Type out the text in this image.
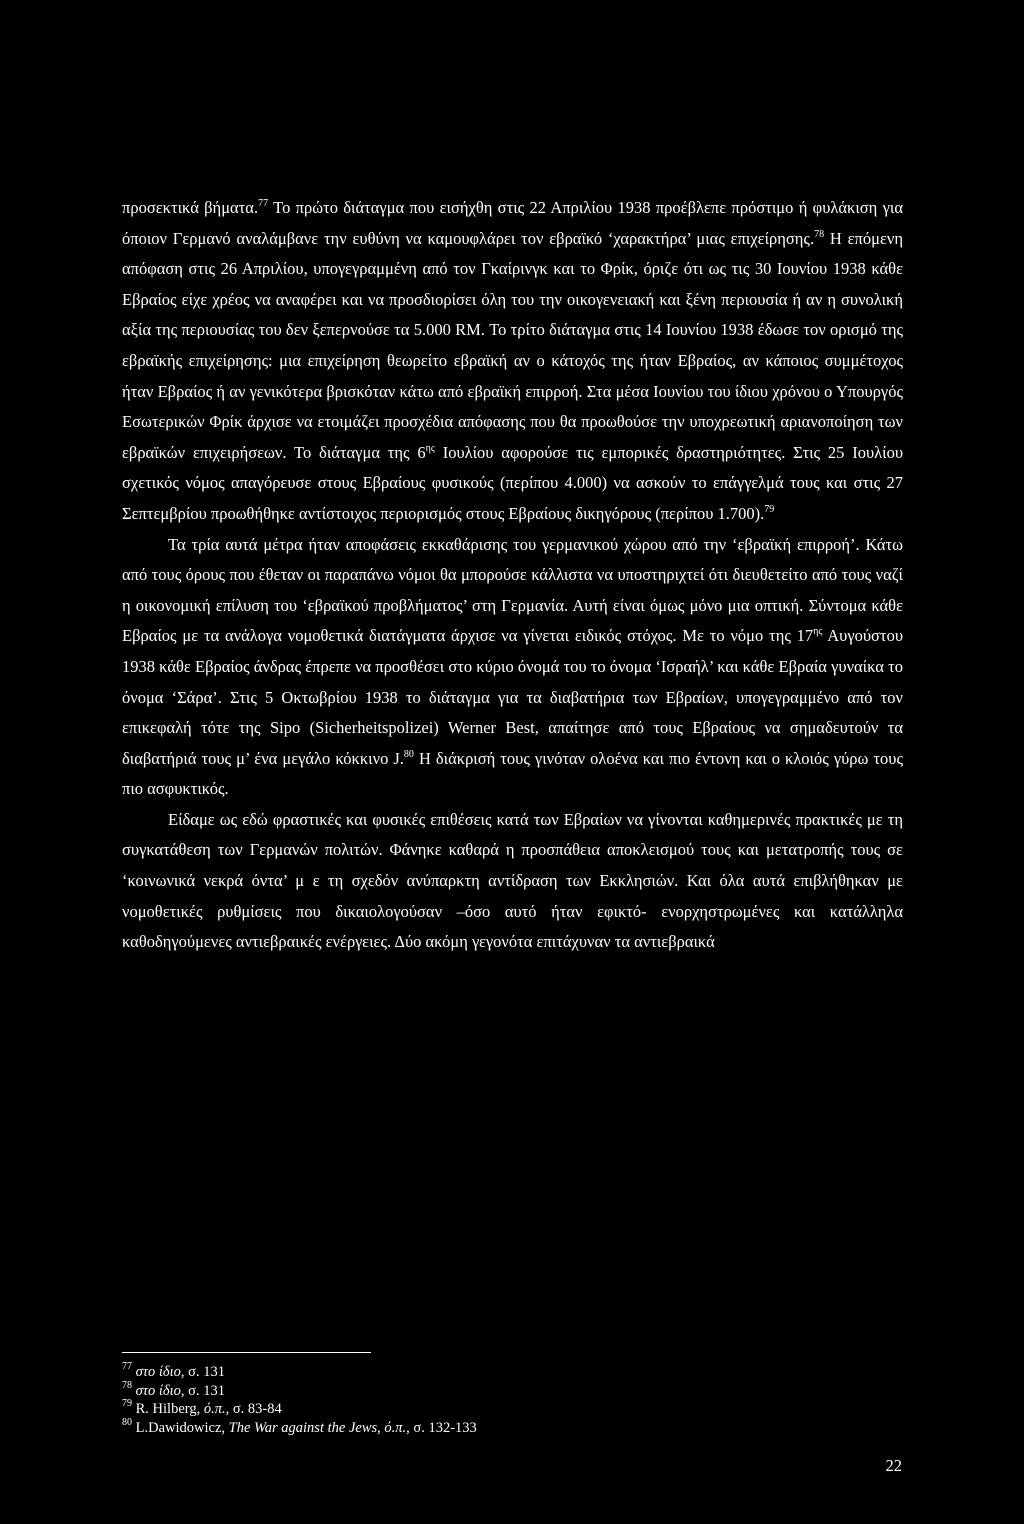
προσεκτικά βήματα.$^{77}$ Το πρώτο διάταγμα που εισήχθη στις 22 Απριλίου 1938 προέβλεπε πρόστιμο ή φυλάκιση για όποιον Γερμανό αναλάμβανε την ευθύνη να καμουφλάρει τον εβραϊκό ‘χαρακτήρα’ μιας επιχείρησης.$^{78}$ Η επόμενη απόφαση στις 26 Απριλίου, υπογεγραμμένη από τον Γκαίρινγκ και το Φρίκ, όριζε ότι ως τις 30 Ιουνίου 1938 κάθε Εβραίος είχε χρέος να αναφέρει και να προσδιορίσει όλη του την οικογενειακή και ξένη περιουσία ή αν η συνολική αξία της περιουσίας του δεν ξεπερνούσε τα 5.000 RM. Το τρίτο διάταγμα στις 14 Ιουνίου 1938 έδωσε τον ορισμό της εβραϊκής επιχείρησης: μια επιχείρηση θεωρείτο εβραϊκή αν ο κάτοχός της ήταν Εβραίος, αν κάποιος συμμέτοχος ήταν Εβραίος ή αν γενικότερα βρισκόταν κάτω από εβραϊκή επιρροή. Στα μέσα Ιουνίου του ίδιου χρόνου ο Υπουργός Εσωτερικών Φρίκ άρχισε να ετοιμάζει προσχέδια απόφασης που θα προωθούσε την υποχρεωτική αριανοποίηση των εβραϊκών επιχειρήσεων. Το διάταγμα της $6^{\eta\varsigma}$ Ιουλίου αφορούσε τις εμπορικές δραστηριότητες. Στις 25 Ιουλίου σχετικός νόμος απαγόρευσε στους Εβραίους φυσικούς (περίπου 4.000) να ασκούν το επάγγελμά τους και στις 27 Σεπτεμβρίου προωθήθηκε αντίστοιχος περιορισμός στους Εβραίους δικηγόρους (περίπου 1.700).$^{79}$

Τα τρία αυτά μέτρα ήταν αποφάσεις εκκαθάρισης του γερμανικού χώρου από την ‘εβραϊκή επιρροή’. Κάτω από τους όρους που έθεταν οι παραπάνω νόμοι θα μπορούσε κάλλιστα να υποστηριχτεί ότι διευθετείτο από τους ναζί η οικονομική επίλυση του ‘εβραϊκού προβλήματος’ στη Γερμανία. Αυτή είναι όμως μόνο μια οπτική. Σύντομα κάθε Εβραίος με τα ανάλογα νομοθετικά διατάγματα άρχισε να γίνεται ειδικός στόχος. Με το νόμο της $17^{\eta\varsigma}$ Αυγούστου 1938 κάθε Εβραίος άνδρας έπρεπε να προσθέσει στο κύριο όνομά του το όνομα ‘Ισραήλ’ και κάθε Εβραία γυναίκα το όνομα ‘Σάρα’. Στις 5 Οκτωβρίου 1938 το διάταγμα για τα διαβατήρια των Εβραίων, υπογεγραμμένο από τον επικεφαλή τότε της Sipo (Sicherheitspolizei) Werner Best, απαίτησε από τους Εβραίους να σημαδευτούν τα διαβατήριά τους μ’ ένα μεγάλο κόκκινο J.$^{80}$ Η διάκρισή τους γινόταν ολοένα και πιο έντονη και ο κλοιός γύρω τους πιο ασφυκτικός.

Είδαμε ως εδώ φραστικές και φυσικές επιθέσεις κατά των Εβραίων να γίνονται καθημερινές πρακτικές με τη συγκατάθεση των Γερμανών πολιτών. Φάνηκε καθαρά η προσπάθεια αποκλεισμού τους και μετατροπής τους σε ‘κοινωνικά νεκρά όντα’ μ ε τη σχεδόν ανύπαρκτη αντίδραση των Εκκλησιών. Και όλα αυτά επιβλήθηκαν με νομοθετικές ρυθμίσεις που δικαιολογούσαν –όσο αυτό ήταν εφικτό- ενορχηστρωμένες και κατάλληλα καθοδηγούμενες αντιεβραικές ενέργειες. Δύο ακόμη γεγονότα επιτάχυναν τα αντιεβραικά

$^{77}$ στο ίδιο, σ. 131
$^{78}$ στο ίδιο, σ. 131
$^{79}$ R. Hilberg, ό.π., σ. 83-84
$^{80}$ L.Dawidowicz, The War against the Jews, ό.π., σ. 132-133
22
